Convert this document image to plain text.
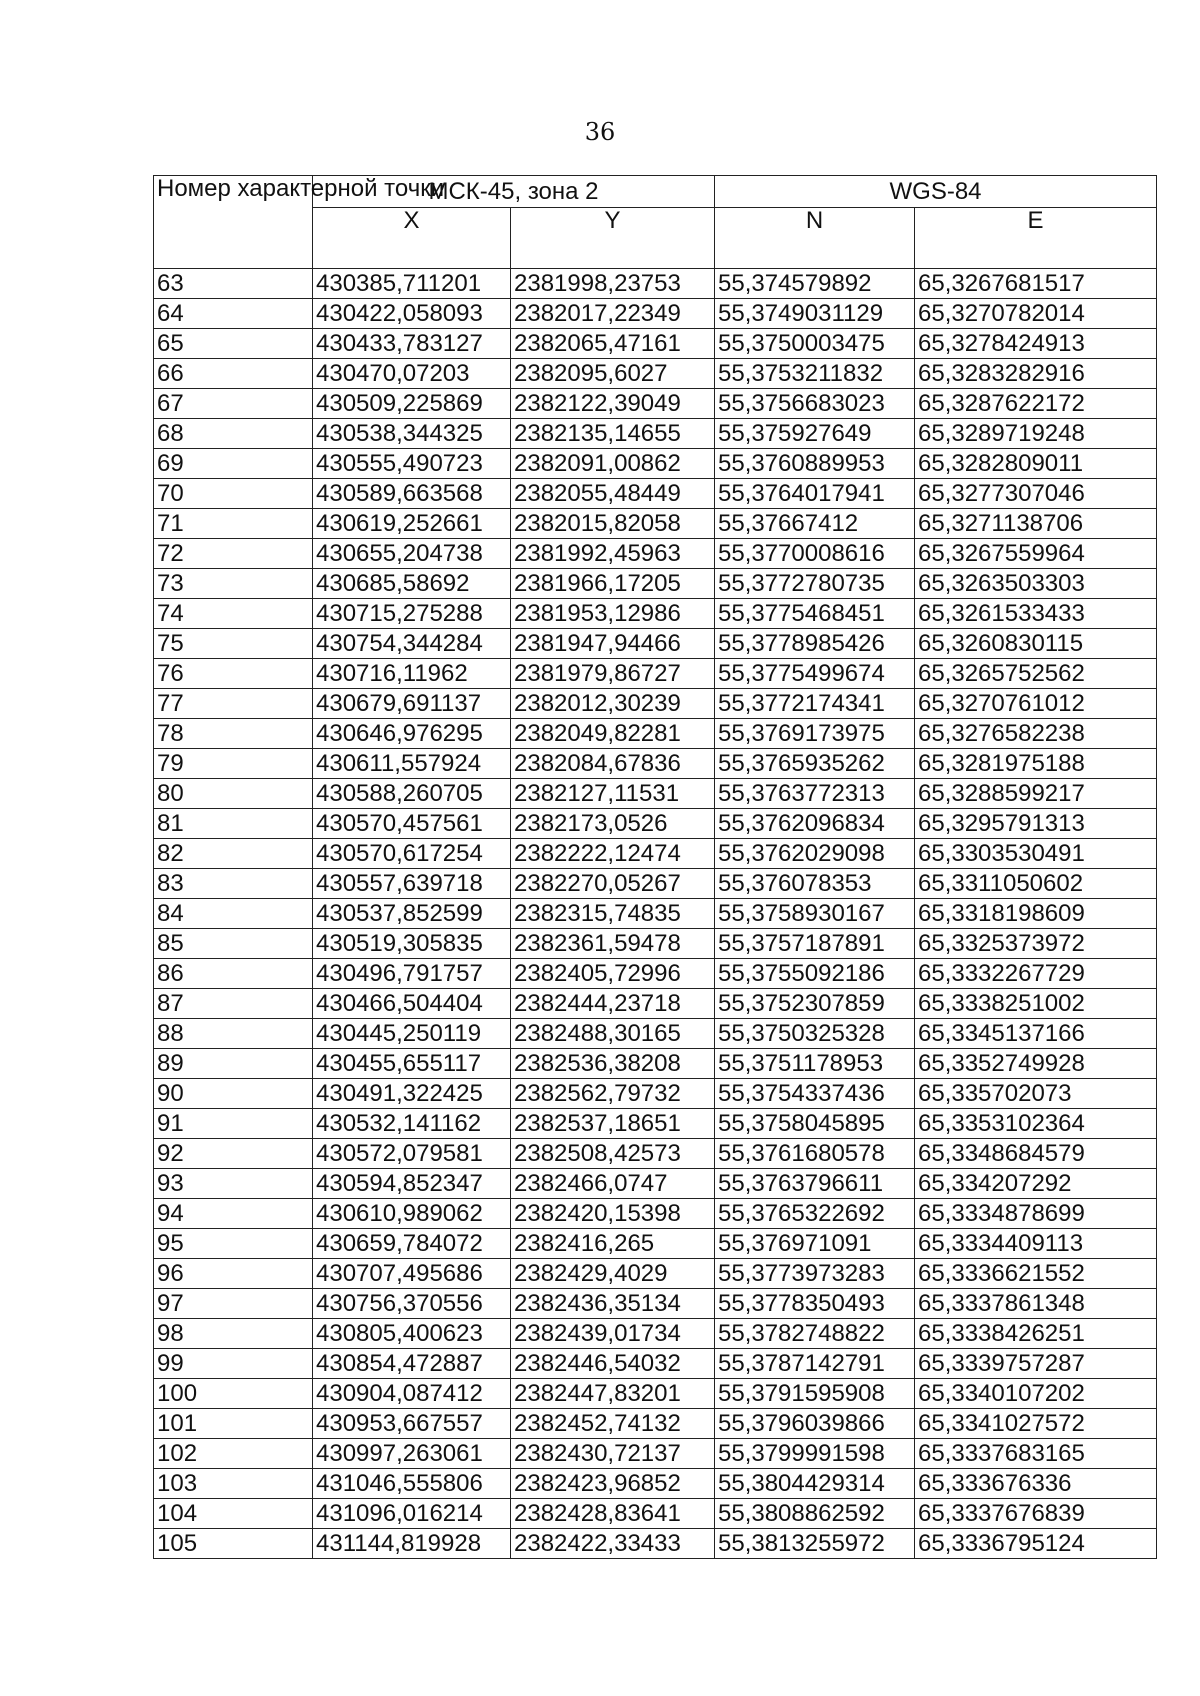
36
Номер характерной точки	МСК-45, зона 2		WGS-84	
	X	Y	N	E
63	430385,711201	2381998,23753	55,374579892	65,3267681517
64	430422,058093	2382017,22349	55,3749031129	65,3270782014
65	430433,783127	2382065,47161	55,3750003475	65,3278424913
66	430470,07203	2382095,6027	55,3753211832	65,3283282916
67	430509,225869	2382122,39049	55,3756683023	65,3287622172
68	430538,344325	2382135,14655	55,375927649	65,3289719248
69	430555,490723	2382091,00862	55,3760889953	65,3282809011
70	430589,663568	2382055,48449	55,3764017941	65,3277307046
71	430619,252661	2382015,82058	55,37667412	65,3271138706
72	430655,204738	2381992,45963	55,3770008616	65,3267559964
73	430685,58692	2381966,17205	55,3772780735	65,3263503303
74	430715,275288	2381953,12986	55,3775468451	65,3261533433
75	430754,344284	2381947,94466	55,3778985426	65,3260830115
76	430716,11962	2381979,86727	55,3775499674	65,3265752562
77	430679,691137	2382012,30239	55,3772174341	65,3270761012
78	430646,976295	2382049,82281	55,3769173975	65,3276582238
79	430611,557924	2382084,67836	55,3765935262	65,3281975188
80	430588,260705	2382127,11531	55,3763772313	65,3288599217
81	430570,457561	2382173,0526	55,3762096834	65,3295791313
82	430570,617254	2382222,12474	55,3762029098	65,3303530491
83	430557,639718	2382270,05267	55,376078353	65,3311050602
84	430537,852599	2382315,74835	55,3758930167	65,3318198609
85	430519,305835	2382361,59478	55,3757187891	65,3325373972
86	430496,791757	2382405,72996	55,3755092186	65,3332267729
87	430466,504404	2382444,23718	55,3752307859	65,3338251002
88	430445,250119	2382488,30165	55,3750325328	65,3345137166
89	430455,655117	2382536,38208	55,3751178953	65,3352749928
90	430491,322425	2382562,79732	55,3754337436	65,335702073
91	430532,141162	2382537,18651	55,3758045895	65,3353102364
92	430572,079581	2382508,42573	55,3761680578	65,3348684579
93	430594,852347	2382466,0747	55,3763796611	65,334207292
94	430610,989062	2382420,15398	55,3765322692	65,3334878699
95	430659,784072	2382416,265	55,376971091	65,3334409113
96	430707,495686	2382429,4029	55,3773973283	65,3336621552
97	430756,370556	2382436,35134	55,3778350493	65,3337861348
98	430805,400623	2382439,01734	55,3782748822	65,3338426251
99	430854,472887	2382446,54032	55,3787142791	65,3339757287
100	430904,087412	2382447,83201	55,3791595908	65,3340107202
101	430953,667557	2382452,74132	55,3796039866	65,3341027572
102	430997,263061	2382430,72137	55,3799991598	65,3337683165
103	431046,555806	2382423,96852	55,3804429314	65,333676336
104	431096,016214	2382428,83641	55,3808862592	65,3337676839
105	431144,819928	2382422,33433	55,3813255972	65,3336795124
